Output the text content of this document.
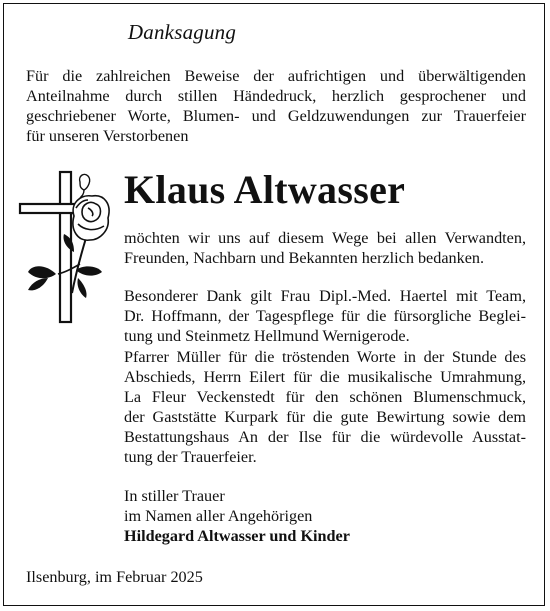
Danksagung

Für die zahlreichen Beweise der aufrichtigen und überwältigenden
Anteilnahme durch stillen Händedruck, herzlich gesprochener und
geschriebener Worte, Blumen- und Geldzuwendungen zur Trauerfeier
für unseren Verstorbenen

Klaus Altwasser

möchten wir uns auf diesem Wege bei allen Verwandten,
Freunden, Nachbarn und Bekannten herzlich bedanken.

Besonderer Dank gilt Frau Dipl.-Med. Haertel mit Team,
Dr. Hoffmann, der Tagespflege für die fürsorgliche Beglei-
tung und Steinmetz Hellmund Wernigerode.

Pfarrer Müller für die tröstenden Worte in der Stunde des
Abschieds, Herrn Eilert für die musikalische Umrahmung,
La Fleur Veckenstedt für den schönen Blumenschmuck,
der Gaststätte Kurpark für die gute Bewirtung sowie dem
Bestattungshaus An der Ilse für die würdevolle Ausstat-
tung der Trauerfeier.

In stiller Trauer
im Namen aller Angehörigen
Hildegard Altwasser und Kinder

Ilsenburg, im Februar 2025
